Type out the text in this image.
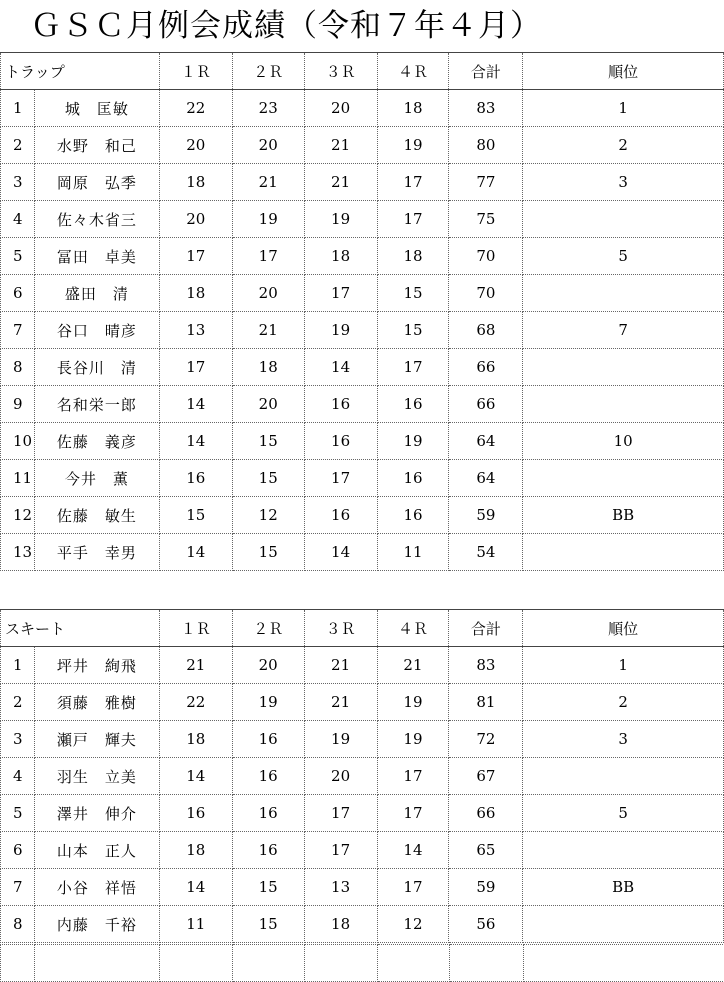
ＧＳＣ月例会成績（令和７年４月）
トラップ		１Ｒ	２Ｒ	３Ｒ	４Ｒ	合計	順位
1	城　匡敏	22	23	20	18	83	1
2	水野　和己	20	20	21	19	80	2
3	岡原　弘季	18	21	21	17	77	3
4	佐々木省三	20	19	19	17	75	
5	冨田　卓美	17	17	18	18	70	5
6	盛田　清	18	20	17	15	70	
7	谷口　晴彦	13	21	19	15	68	7
8	長谷川　清	17	18	14	17	66	
9	名和栄一郎	14	20	16	16	66	
10	佐藤　義彦	14	15	16	19	64	10
11	今井　薫	16	15	17	16	64	
12	佐藤　敏生	15	12	16	16	59	BB
13	平手　幸男	14	15	14	11	54	
スキート		１Ｒ	２Ｒ	３Ｒ	４Ｒ	合計	順位
1	坪井　絢飛	21	20	21	21	83	1
2	須藤　雅樹	22	19	21	19	81	2
3	瀬戸　輝夫	18	16	19	19	72	3
4	羽生　立美	14	16	20	17	67	
5	澤井　伸介	16	16	17	17	66	5
6	山本　正人	18	16	17	14	65	
7	小谷　祥悟	14	15	13	17	59	BB
8	内藤　千裕	11	15	18	12	56	
